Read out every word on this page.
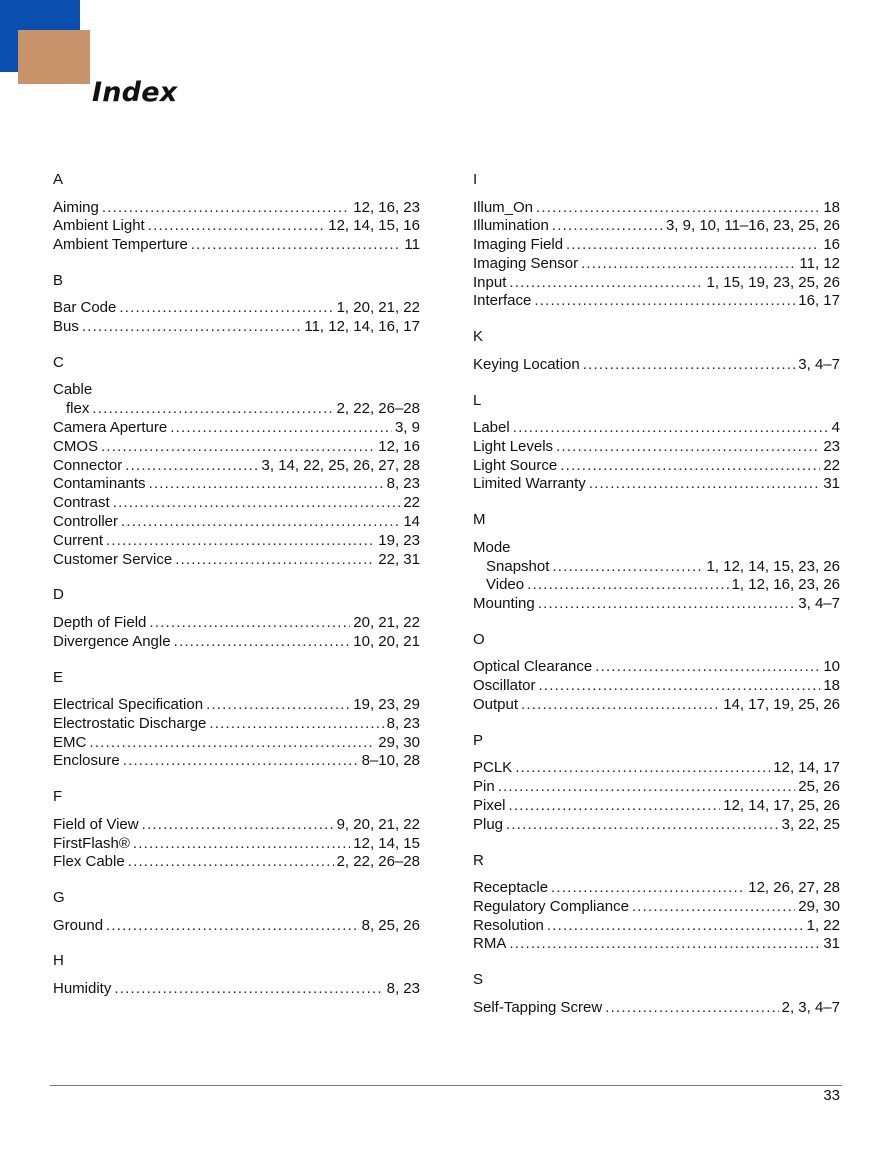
Index
A
Aiming .....	12, 16, 23
Ambient Light .....	12, 14, 15, 16
Ambient Temperture .....	11
B
Bar Code .....	1, 20, 21, 22
Bus .....	11, 12, 14, 16, 17
C
Cable
flex .....	2, 22, 26–28
Camera Aperture .....	3, 9
CMOS .....	12, 16
Connector .....	3, 14, 22, 25, 26, 27, 28
Contaminants .....	8, 23
Contrast .....	22
Controller .....	14
Current .....	19, 23
Customer Service .....	22, 31
D
Depth of Field .....	20, 21, 22
Divergence Angle .....	10, 20, 21
E
Electrical Specification .....	19, 23, 29
Electrostatic Discharge .....	8, 23
EMC .....	29, 30
Enclosure .....	8–10, 28
F
Field of View .....	9, 20, 21, 22
FirstFlash® .....	12, 14, 15
Flex Cable .....	2, 22, 26–28
G
Ground .....	8, 25, 26
H
Humidity .....	8, 23
I
Illum_On .....	18
Illumination .....	3, 9, 10, 11–16, 23, 25, 26
Imaging Field .....	16
Imaging Sensor .....	11, 12
Input .....	1, 15, 19, 23, 25, 26
Interface .....	16, 17
K
Keying Location .....	3, 4–7
L
Label .....	4
Light Levels .....	23
Light Source .....	22
Limited Warranty .....	31
M
Mode
Snapshot .....	1, 12, 14, 15, 23, 26
Video .....	1, 12, 16, 23, 26
Mounting .....	3, 4–7
O
Optical Clearance .....	10
Oscillator .....	18
Output .....	14, 17, 19, 25, 26
P
PCLK .....	12, 14, 17
Pin .....	25, 26
Pixel .....	12, 14, 17, 25, 26
Plug .....	3, 22, 25
R
Receptacle .....	12, 26, 27, 28
Regulatory Compliance .....	29, 30
Resolution .....	1, 22
RMA .....	31
S
Self-Tapping Screw .....	2, 3, 4–7
33
